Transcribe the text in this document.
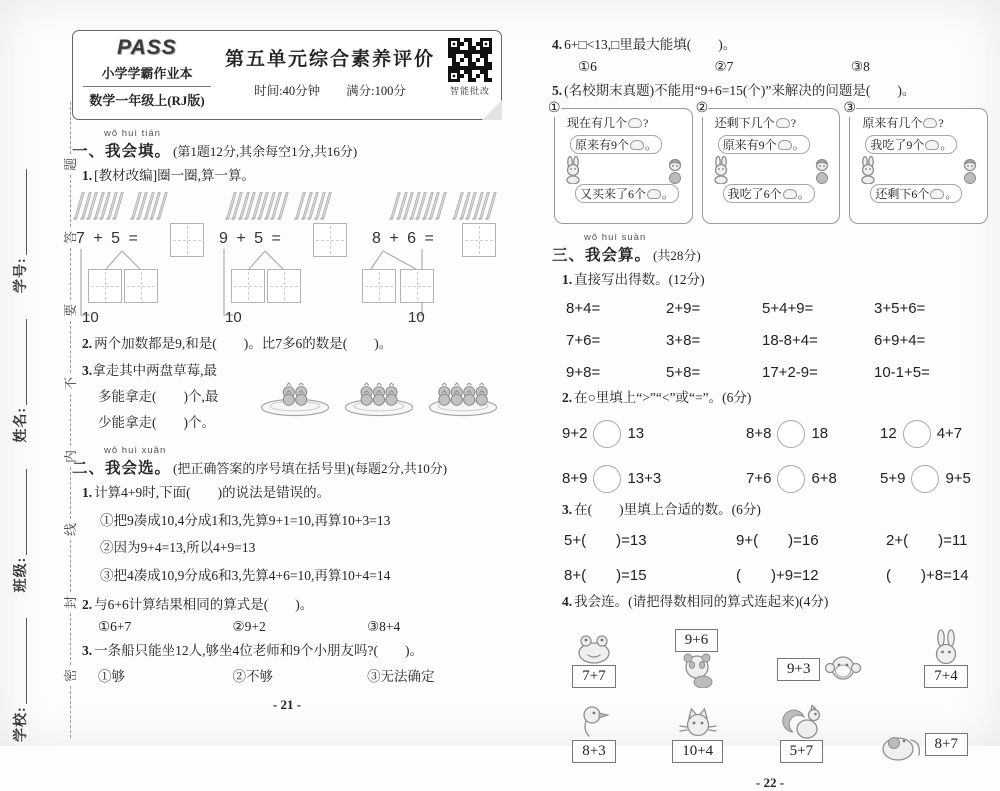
学校:班级:姓名:学号:
密封线内不要答题
PASS
小学学霸作业本
数学一年级上(RJ版)
第五单元综合素养评价
时间:40分钟 满分:100分	智能批改
wǒ huì tián
一、我会填。 (第1题12分,其余每空1分,共16分)
1. [教材改编]圈一圈,算一算。
7 + 5 =
10
9 + 5 =
10
8 + 6 =
10
2. 两个加数都是9,和是(　　)。比7多6的数是(　　)。
3.拿走其中两盘草莓,最
多能拿走(　　)个,最
少能拿走(　　)个。
wǒ huì xuǎn
二、我会选。 (把正确答案的序号填在括号里)(每题2分,共10分)
1. 计算4+9时,下面(　　)的说法是错误的。
①把9凑成10,4分成1和3,先算9+1=10,再算10+3=13
②因为9+4=13,所以4+9=13
③把4凑成10,9分成6和3,先算4+6=10,再算10+4=14
2. 与6+6计算结果相同的算式是(　　)。
①6+7	②9+2	③8+4
3. 一条船只能坐12人,够坐4位老师和9个小朋友吗?(　　)。
①够	②不够	③无法确定
- 21 -
4. 6+□<13,□里最大能填(　　)。
①6	②7	③8
5. (名校期末真题)不能用“9+6=15(个)”来解决的问题是(　　)。
①
现在有几个 ?
原来有9个 。
又买来了6个 。
②
还剩下几个 ?
原来有9个 。
我吃了6个 。
③
原来有几个 ?
我吃了9个 。
还剩下6个 。
wǒ huì suàn
三、我会算。 (共28分)
1. 直接写出得数。(12分)
8+4=	2+9=	5+4+9=	3+5+6=
7+6=	3+8=	18-8+4=	6+9+4=
9+8=	5+8=	17+2-9=	10-1+5=
2. 在○里填上“>”“<”或“=”。(6分)
9+2	13	8+8	18	12	4+7
8+9	13+3	7+6	6+8	5+9	9+5
3. 在(　　)里填上合适的数。(6分)
5+(　　)=13	9+(　　)=16	2+(　　)=11
8+(　　)=15	(　　)+9=12	(　　)+8=14
4. 我会连。(请把得数相同的算式连起来)(4分)
7+7
9+6
9+3	7+4
8+3	10+4	5+7	8+7
- 22 -
